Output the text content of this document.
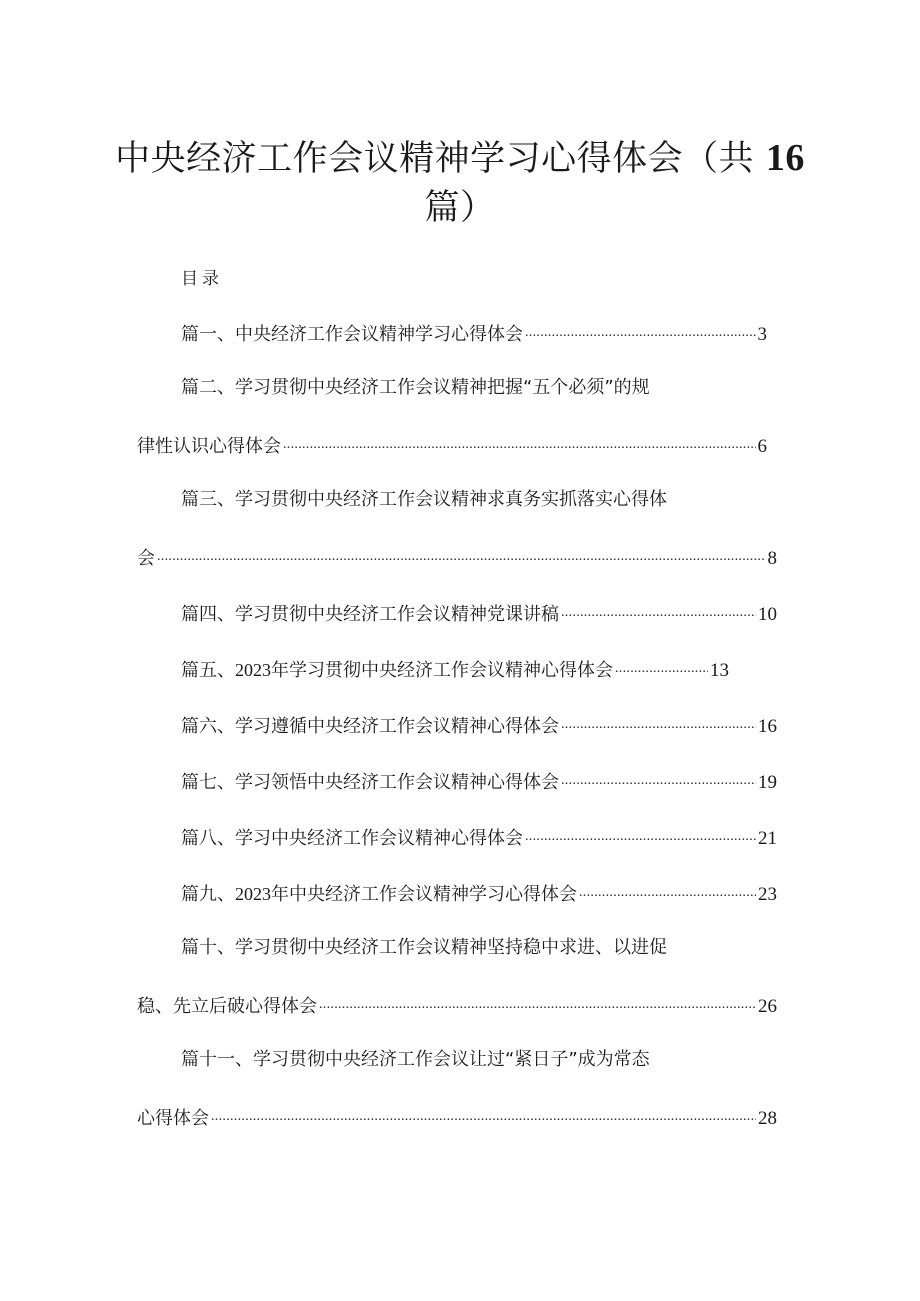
中央经济工作会议精神学习心得体会（共 16
篇）
目录
篇一、中央经济工作会议精神学习心得体会 .....	3
篇二、学习贯彻中央经济工作会议精神把握“五个必须”的规
律性认识心得体会 .....	6
篇三、学习贯彻中央经济工作会议精神求真务实抓落实心得体
会 .....	8
篇四、学习贯彻中央经济工作会议精神党课讲稿 .....	10
篇五、2023年学习贯彻中央经济工作会议精神心得体会 .....	13
篇六、学习遵循中央经济工作会议精神心得体会 .....	16
篇七、学习领悟中央经济工作会议精神心得体会 .....	19
篇八、学习中央经济工作会议精神心得体会 .....	21
篇九、2023年中央经济工作会议精神学习心得体会 .....	23
篇十、学习贯彻中央经济工作会议精神坚持稳中求进、以进促
稳、先立后破心得体会 .....	26
篇十一、学习贯彻中央经济工作会议让过“紧日子”成为常态
心得体会 .....	28
